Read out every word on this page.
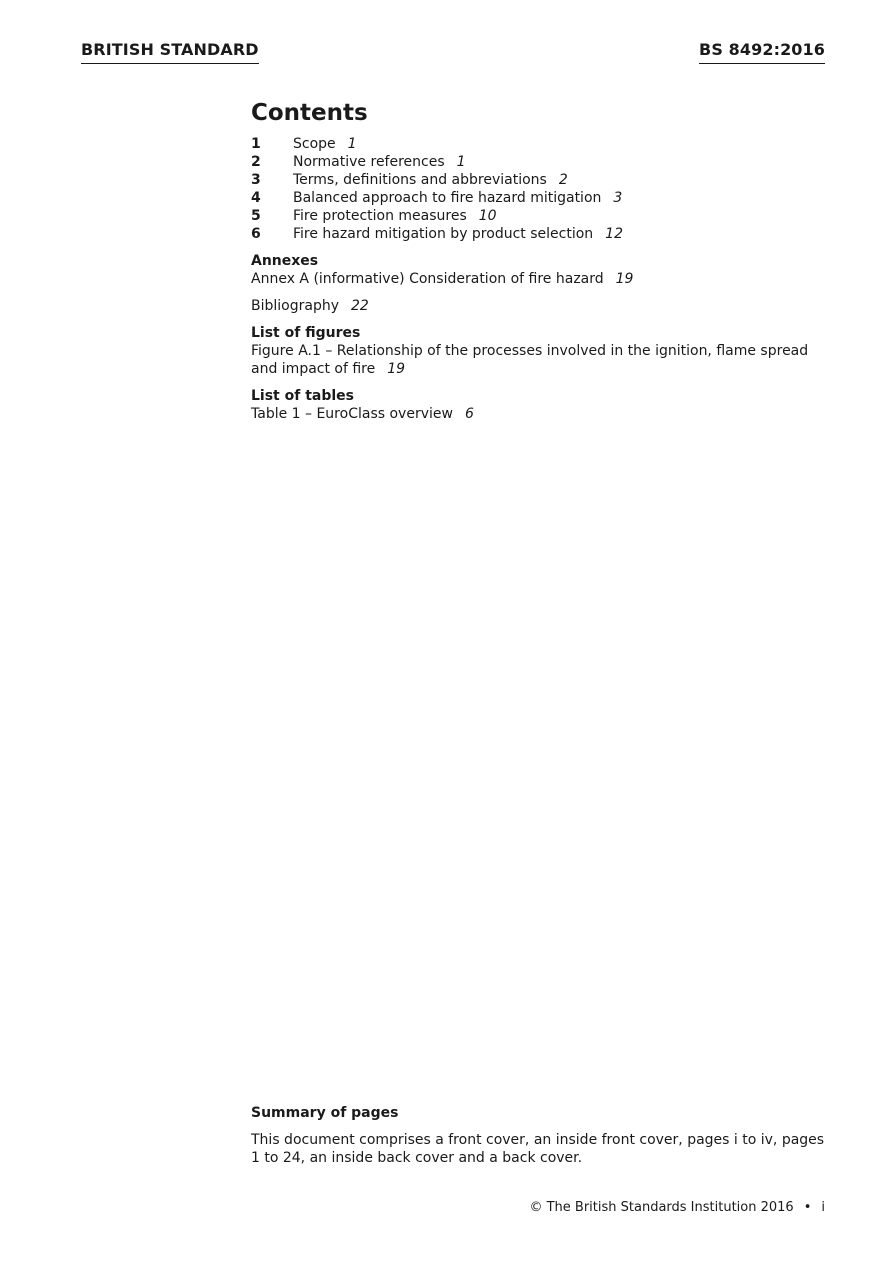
BRITISH STANDARD	BS 8492:2016
Contents
1	Scope 1
2	Normative references 1
3	Terms, definitions and abbreviations 2
4	Balanced approach to fire hazard mitigation 3
5	Fire protection measures 10
6	Fire hazard mitigation by product selection 12
Annexes
Annex A (informative) Consideration of fire hazard 19
Bibliography 22
List of figures
Figure A.1 – Relationship of the processes involved in the ignition, flame spread and impact of fire 19
List of tables
Table 1 – EuroClass overview 6
Summary of pages

This document comprises a front cover, an inside front cover, pages i to iv, pages 1 to 24, an inside back cover and a back cover.

© The British Standards Institution 2016 • i
